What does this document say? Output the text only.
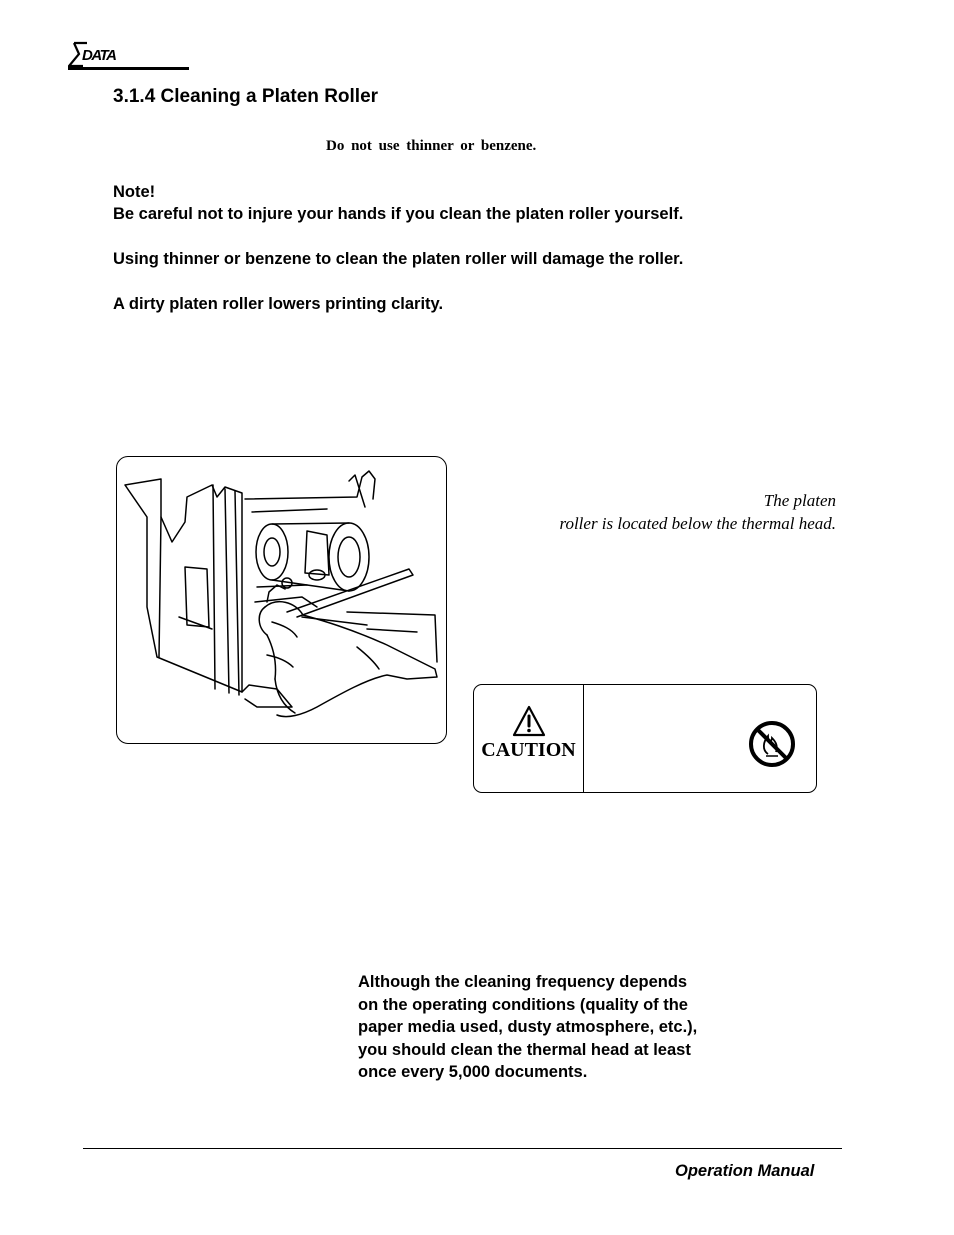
DATA
3.1.4 Cleaning a Platen Roller
Do not use thinner or benzene.

Note!

Be careful not to injure your hands if you clean the platen roller yourself.

Using thinner or benzene to clean the platen roller will damage the roller.

A dirty platen roller lowers printing clarity.

The platen
roller is located below the thermal head.
CAUTION
Although the cleaning frequency depends
on the operating conditions (quality of the
paper media used, dusty atmosphere, etc.),
you should clean the thermal head at least
once every 5,000 documents.
Operation Manual
